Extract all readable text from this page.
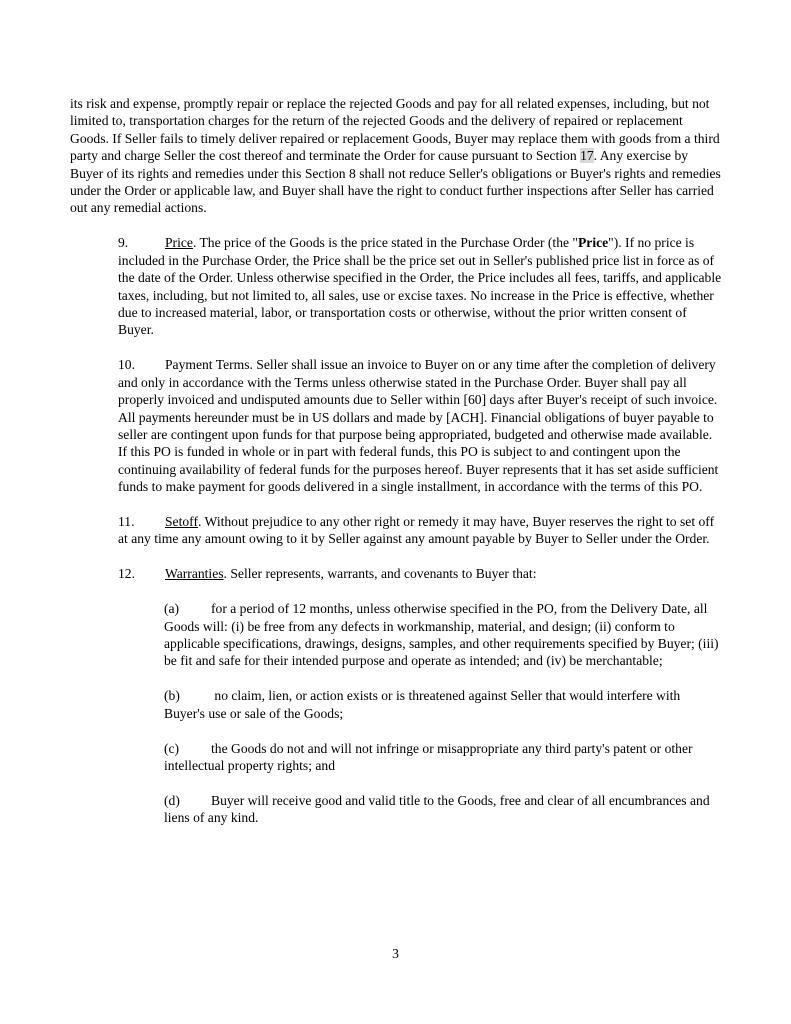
its risk and expense, promptly repair or replace the rejected Goods and pay for all related expenses, including, but not limited to, transportation charges for the return of the rejected Goods and the delivery of repaired or replacement Goods. If Seller fails to timely deliver repaired or replacement Goods, Buyer may replace them with goods from a third party and charge Seller the cost thereof and terminate the Order for cause pursuant to Section 17. Any exercise by Buyer of its rights and remedies under this Section 8 shall not reduce Seller's obligations or Buyer's rights and remedies under the Order or applicable law, and Buyer shall have the right to conduct further inspections after Seller has carried out any remedial actions.

9.	Price. The price of the Goods is the price stated in the Purchase Order (the "Price"). If no price is included in the Purchase Order, the Price shall be the price set out in Seller's published price list in force as of the date of the Order. Unless otherwise specified in the Order, the Price includes all fees, tariffs, and applicable taxes, including, but not limited to, all sales, use or excise taxes. No increase in the Price is effective, whether due to increased material, labor, or transportation costs or otherwise, without the prior written consent of Buyer.

10. Payment Terms. Seller shall issue an invoice to Buyer on or any time after the completion of delivery and only in accordance with the Terms unless otherwise stated in the Purchase Order. Buyer shall pay all properly invoiced and undisputed amounts due to Seller within [60] days after Buyer's receipt of such invoice. All payments hereunder must be in US dollars and made by [ACH]. Financial obligations of buyer payable to seller are contingent upon funds for that purpose being appropriated, budgeted and otherwise made available. If this PO is funded in whole or in part with federal funds, this PO is subject to and contingent upon the continuing availability of federal funds for the purposes hereof. Buyer represents that it has set aside sufficient funds to make payment for goods delivered in a single installment, in accordance with the terms of this PO.

11. Setoff. Without prejudice to any other right or remedy it may have, Buyer reserves the right to set off at any time any amount owing to it by Seller against any amount payable by Buyer to Seller under the Order.

12. Warranties. Seller represents, warrants, and covenants to Buyer that:

(a) for a period of 12 months, unless otherwise specified in the PO, from the Delivery Date, all Goods will: (i) be free from any defects in workmanship, material, and design; (ii) conform to applicable specifications, drawings, designs, samples, and other requirements specified by Buyer; (iii) be fit and safe for their intended purpose and operate as intended; and (iv) be merchantable;

(b) no claim, lien, or action exists or is threatened against Seller that would interfere with Buyer's use or sale of the Goods;

(c) the Goods do not and will not infringe or misappropriate any third party's patent or other intellectual property rights; and

(d) Buyer will receive good and valid title to the Goods, free and clear of all encumbrances and liens of any kind.

3
